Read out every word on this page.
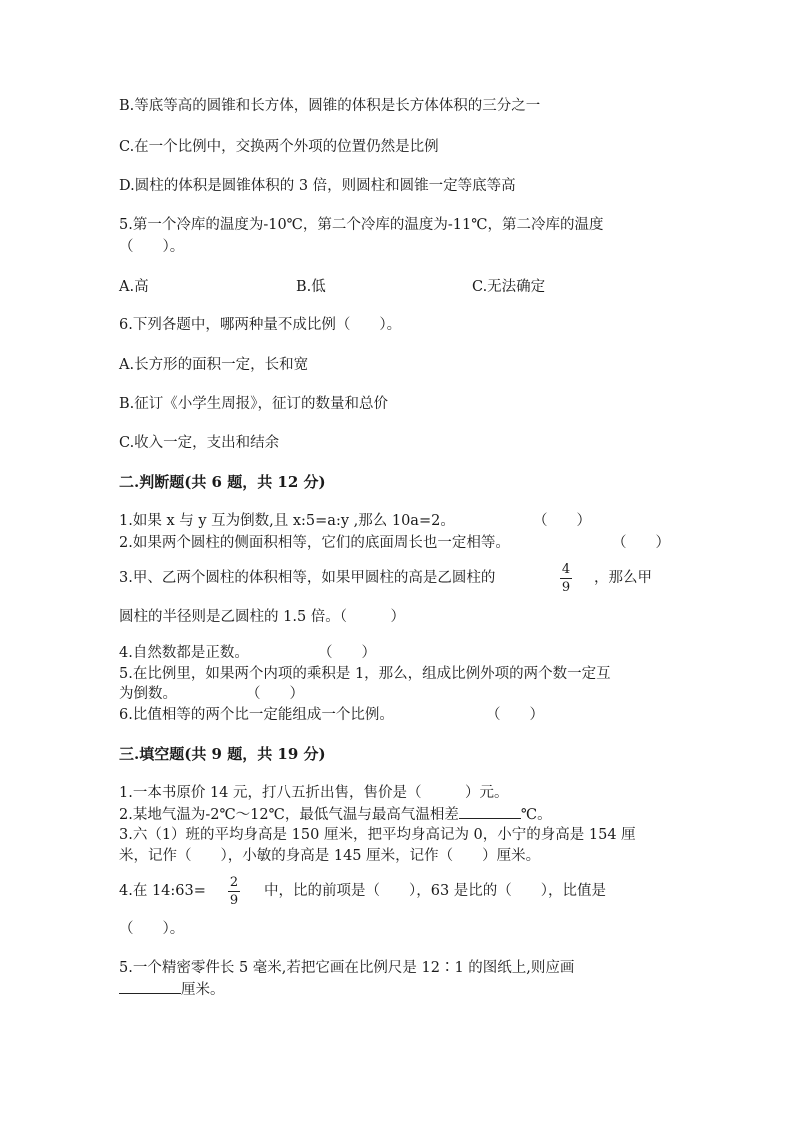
B.等底等高的圆锥和长方体，圆锥的体积是长方体体积的三分之一
C.在一个比例中，交换两个外项的位置仍然是比例
D.圆柱的体积是圆锥体积的 3 倍，则圆柱和圆锥一定等底等高
5.第一个冷库的温度为-10℃，第二个冷库的温度为-11℃，第二冷库的温度
（　　）。
A.高	B.低	C.无法确定
6.下列各题中，哪两种量不成比例（　　）。
A.长方形的面积一定，长和宽
B.征订《小学生周报》，征订的数量和总价
C.收入一定，支出和结余
二.判断题(共 6 题，共 12 分)
1.如果 x 与 y 互为倒数,且 x:5=a:y ,那么 10a=2。	（　　）
2.如果两个圆柱的侧面积相等，它们的底面周长也一定相等。	（　　）
3.甲、乙两个圆柱的体积相等，如果甲圆柱的高是乙圆柱的
4
9
，那么甲
圆柱的半径则是乙圆柱的 1.5 倍。（　　　）
4.自然数都是正数。	（　　）
5.在比例里，如果两个内项的乘积是 1，那么，组成比例外项的两个数一定互
为倒数。	（　　）
6.比值相等的两个比一定能组成一个比例。	（　　）
三.填空题(共 9 题，共 19 分)
1.一本书原价 14 元，打八五折出售，售价是（　　　）元。
2.某地气温为-2℃～12℃，最低气温与最高气温相差	℃。
3.六（1）班的平均身高是 150 厘米，把平均身高记为 0，小宁的身高是 154 厘
米，记作（　　），小敏的身高是 145 厘米，记作（　　）厘米。
4.在 14:63=
2
9
中，比的前项是（　　），63 是比的（　　），比值是
（　　）。
5.一个精密零件长 5 毫米,若把它画在比例尺是 12∶1 的图纸上,则应画
厘米。
